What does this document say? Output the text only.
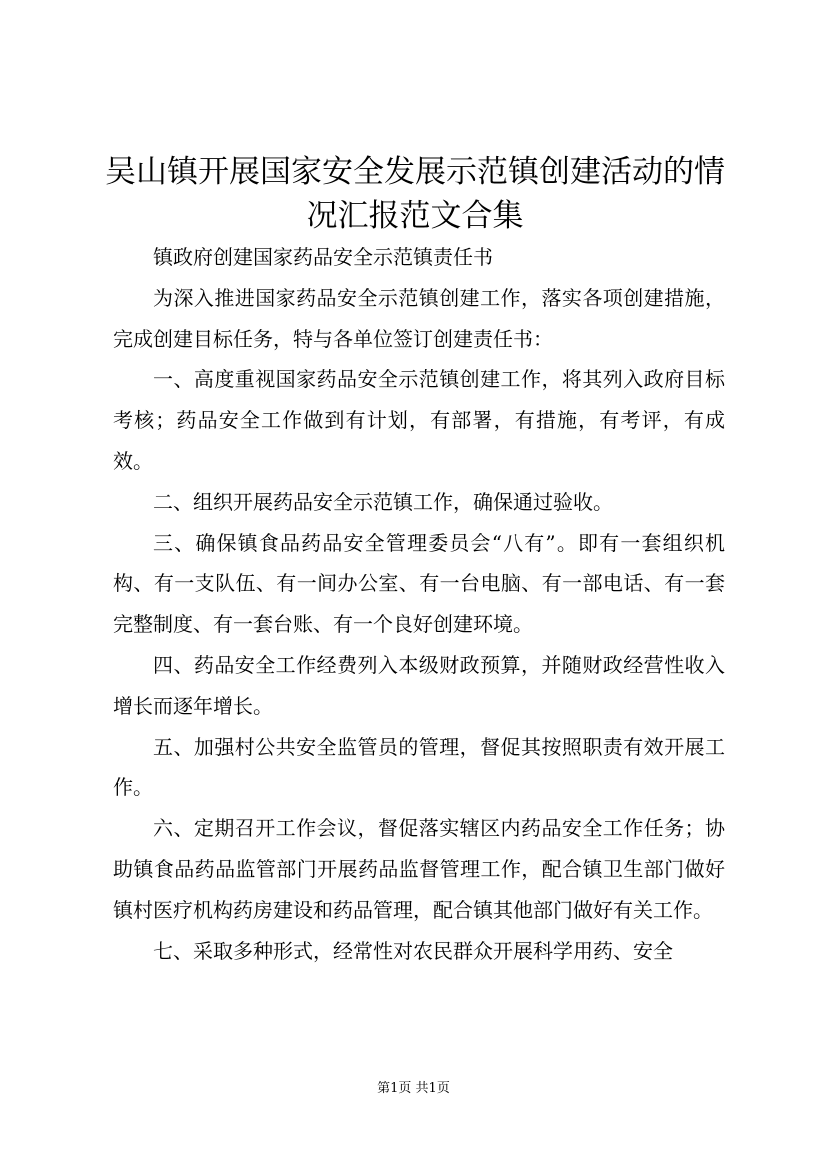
吴山镇开展国家安全发展示范镇创建活动的情况汇报范文合集

镇政府创建国家药品安全示范镇责任书

为深入推进国家药品安全示范镇创建工作，落实各项创建措施，完成创建目标任务，特与各单位签订创建责任书：

一、高度重视国家药品安全示范镇创建工作，将其列入政府目标考核；药品安全工作做到有计划，有部署，有措施，有考评，有成效。

二、组织开展药品安全示范镇工作，确保通过验收。

三、确保镇食品药品安全管理委员会“八有”。即有一套组织机构、有一支队伍、有一间办公室、有一台电脑、有一部电话、有一套完整制度、有一套台账、有一个良好创建环境。

四、药品安全工作经费列入本级财政预算，并随财政经营性收入增长而逐年增长。

五、加强村公共安全监管员的管理，督促其按照职责有效开展工作。

六、定期召开工作会议，督促落实辖区内药品安全工作任务；协助镇食品药品监管部门开展药品监督管理工作，配合镇卫生部门做好镇村医疗机构药房建设和药品管理，配合镇其他部门做好有关工作。

七、采取多种形式，经常性对农民群众开展科学用药、安全

第1页 共1页
